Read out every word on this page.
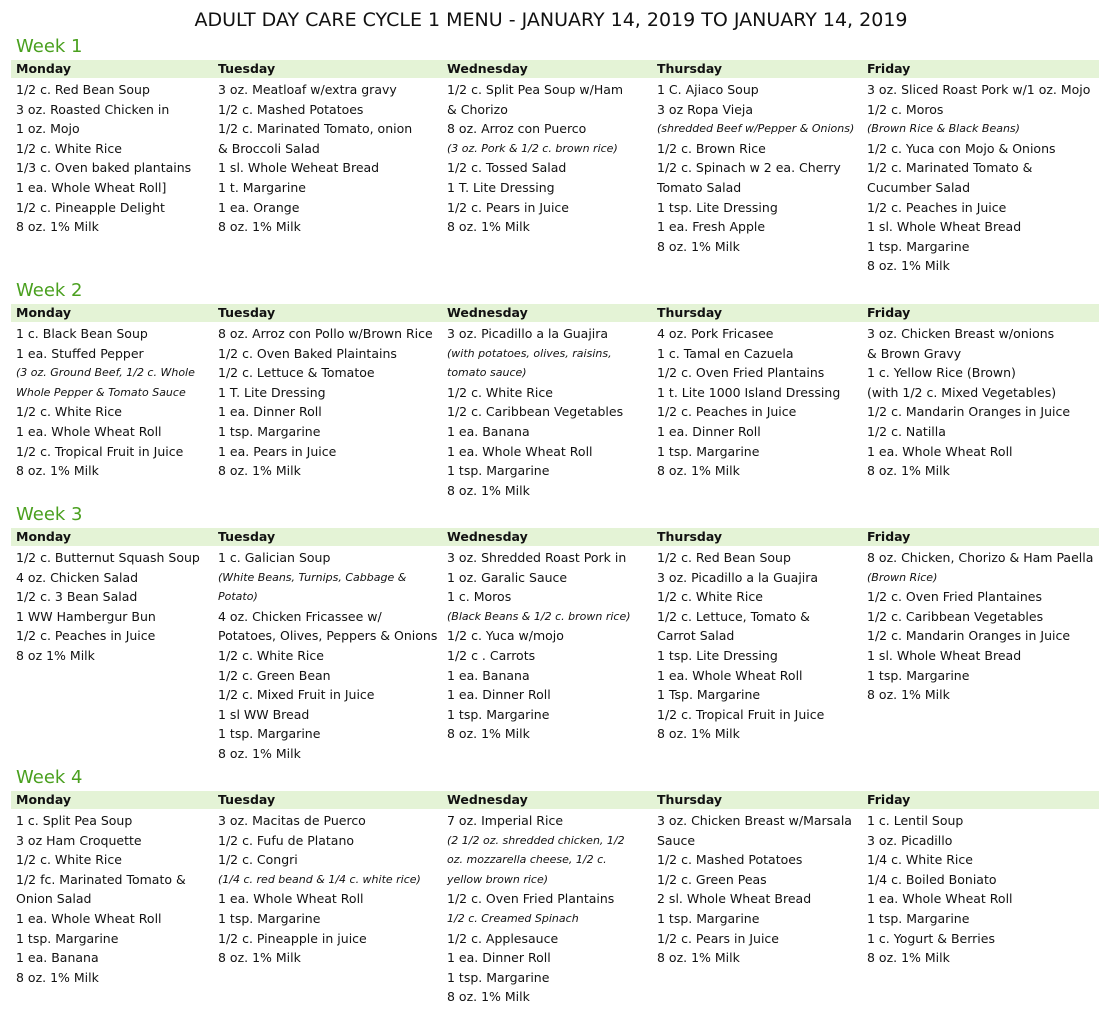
ADULT DAY CARE CYCLE 1 MENU - JANUARY 14, 2019 TO JANUARY 14, 2019
Week 1
Monday
1/2 c. Red Bean Soup
3 oz. Roasted Chicken in
1 oz. Mojo
1/2 c. White Rice
1/3 c. Oven baked plantains
1 ea. Whole Wheat Roll]
1/2 c. Pineapple Delight
8 oz. 1% Milk
Tuesday
3 oz. Meatloaf w/extra gravy
1/2 c. Mashed Potatoes
1/2 c. Marinated Tomato, onion
& Broccoli Salad
1 sl. Whole Weheat Bread
1 t. Margarine
1 ea. Orange
8 oz. 1% Milk
Wednesday
1/2 c. Split Pea Soup w/Ham
& Chorizo
8 oz. Arroz con Puerco
(3 oz. Pork & 1/2 c. brown rice)
1/2 c. Tossed Salad
1 T. Lite Dressing
1/2 c. Pears in Juice
8 oz. 1% Milk
Thursday
1 C. Ajiaco Soup
3 oz Ropa Vieja
(shredded Beef w/Pepper & Onions)
1/2 c. Brown Rice
1/2 c. Spinach w 2 ea. Cherry
Tomato Salad
1 tsp. Lite Dressing
1 ea. Fresh Apple
8 oz. 1% Milk
Friday
3 oz. Sliced Roast Pork w/1 oz. Mojo
1/2 c. Moros
(Brown Rice & Black Beans)
1/2 c. Yuca con Mojo & Onions
1/2 c. Marinated Tomato &
Cucumber Salad
1/2 c. Peaches in Juice
1 sl. Whole Wheat Bread
1 tsp. Margarine
8 oz. 1% Milk
Week 2
Monday
1 c. Black Bean Soup
1 ea. Stuffed Pepper
(3 oz. Ground Beef, 1/2 c. Whole
Whole Pepper & Tomato Sauce
1/2 c. White Rice
1 ea. Whole Wheat Roll
1/2 c. Tropical Fruit in Juice
8 oz. 1% Milk
Tuesday
8 oz. Arroz con Pollo w/Brown Rice
1/2 c. Oven Baked Plaintains
1/2 c. Lettuce & Tomatoe
1 T. Lite Dressing
1 ea. Dinner Roll
1 tsp. Margarine
1 ea. Pears in Juice
8 oz. 1% Milk
Wednesday
3 oz. Picadillo a la Guajira
(with potatoes, olives, raisins,
tomato sauce)
1/2 c. White Rice
1/2 c. Caribbean Vegetables
1 ea. Banana
1 ea. Whole Wheat Roll
1 tsp. Margarine
8 oz. 1% Milk
Thursday
4 oz. Pork Fricasee
1 c. Tamal en Cazuela
1/2 c. Oven Fried Plantains
1 t. Lite 1000 Island Dressing
1/2 c. Peaches in Juice
1 ea. Dinner Roll
1 tsp. Margarine
8 oz. 1% Milk
Friday
3 oz. Chicken Breast w/onions
& Brown Gravy
1 c. Yellow Rice (Brown)
(with 1/2 c. Mixed Vegetables)
1/2 c. Mandarin Oranges in Juice
1/2 c. Natilla
1 ea. Whole Wheat Roll
8 oz. 1% Milk
Week 3
Monday
1/2 c. Butternut Squash Soup
4 oz. Chicken Salad
1/2 c. 3 Bean Salad
1 WW Hambergur Bun
1/2 c. Peaches in Juice
8 oz 1% Milk
Tuesday
1 c. Galician Soup
(White Beans, Turnips, Cabbage &
Potato)
4 oz. Chicken Fricassee w/
Potatoes, Olives, Peppers & Onions
1/2 c. White Rice
1/2 c. Green Bean
1/2 c. Mixed Fruit in Juice
1 sl WW Bread
1 tsp. Margarine
8 oz. 1% Milk
Wednesday
3 oz. Shredded Roast Pork in
1 oz. Garalic Sauce
1 c. Moros
(Black Beans & 1/2 c. brown rice)
1/2 c. Yuca w/mojo
1/2 c . Carrots
1 ea. Banana
1 ea. Dinner Roll
1 tsp. Margarine
8 oz. 1% Milk
Thursday
1/2 c. Red Bean Soup
3 oz. Picadillo a la Guajira
1/2 c. White Rice
1/2 c. Lettuce, Tomato &
Carrot Salad
1 tsp. Lite Dressing
1 ea. Whole Wheat Roll
1 Tsp. Margarine
1/2 c. Tropical Fruit in Juice
8 oz. 1% Milk
Friday
8 oz. Chicken, Chorizo & Ham Paella
(Brown Rice)
1/2 c. Oven Fried Plantaines
1/2 c. Caribbean Vegetables
1/2 c. Mandarin Oranges in Juice
1 sl. Whole Wheat Bread
1 tsp. Margarine
8 oz. 1% Milk
Week 4
Monday
1 c. Split Pea Soup
3 oz Ham Croquette
1/2 c. White Rice
1/2 fc. Marinated Tomato &
Onion Salad
1 ea. Whole Wheat Roll
1 tsp. Margarine
1 ea. Banana
8 oz. 1% Milk
Tuesday
3 oz. Macitas de Puerco
1/2 c. Fufu de Platano
1/2 c. Congri
(1/4 c. red beand & 1/4 c. white rice)
1 ea. Whole Wheat Roll
1 tsp. Margarine
1/2 c. Pineapple in juice
8 oz. 1% Milk
Wednesday
7 oz. Imperial Rice
(2 1/2 oz. shredded chicken, 1/2
oz. mozzarella cheese, 1/2 c.
yellow brown rice)
1/2 c. Oven Fried Plantains
1/2 c. Creamed Spinach
1/2 c. Applesauce
1 ea. Dinner Roll
1 tsp. Margarine
8 oz. 1% Milk
Thursday
3 oz. Chicken Breast w/Marsala
Sauce
1/2 c. Mashed Potatoes
1/2 c. Green Peas
2 sl. Whole Wheat Bread
1 tsp. Margarine
1/2 c. Pears in Juice
8 oz. 1% Milk
Friday
1 c. Lentil Soup
3 oz. Picadillo
1/4 c. White Rice
1/4 c. Boiled Boniato
1 ea. Whole Wheat Roll
1 tsp. Margarine
1 c. Yogurt & Berries
8 oz. 1% Milk
